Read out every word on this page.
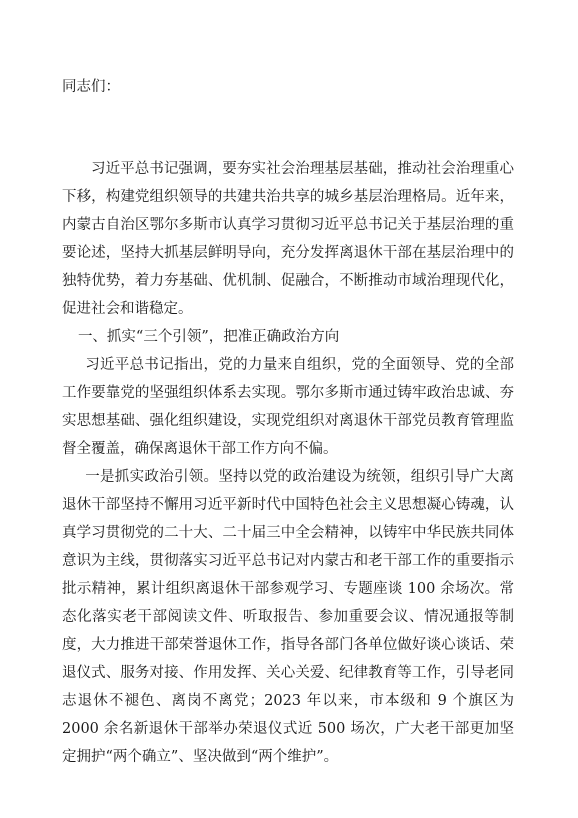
同志们：

习近平总书记强调，要夯实社会治理基层基础，推动社会治理重心下移，构建党组织领导的共建共治共享的城乡基层治理格局。近年来，内蒙古自治区鄂尔多斯市认真学习贯彻习近平总书记关于基层治理的重要论述，坚持大抓基层鲜明导向，充分发挥离退休干部在基层治理中的独特优势，着力夯基础、优机制、促融合，不断推动市域治理现代化，促进社会和谐稳定。

一、抓实“三个引领”，把准正确政治方向

习近平总书记指出，党的力量来自组织，党的全面领导、党的全部工作要靠党的坚强组织体系去实现。鄂尔多斯市通过铸牢政治忠诚、夯实思想基础、强化组织建设，实现党组织对离退休干部党员教育管理监督全覆盖，确保离退休干部工作方向不偏。

一是抓实政治引领。坚持以党的政治建设为统领，组织引导广大离退休干部坚持不懈用习近平新时代中国特色社会主义思想凝心铸魂，认真学习贯彻党的二十大、二十届三中全会精神，以铸牢中华民族共同体意识为主线，贯彻落实习近平总书记对内蒙古和老干部工作的重要指示批示精神，累计组织离退休干部参观学习、专题座谈 100 余场次。常态化落实老干部阅读文件、听取报告、参加重要会议、情况通报等制度，大力推进干部荣誉退休工作，指导各部门各单位做好谈心谈话、荣退仪式、服务对接、作用发挥、关心关爱、纪律教育等工作，引导老同志退休不褪色、离岗不离党；2023 年以来，市本级和 9 个旗区为 2000 余名新退休干部举办荣退仪式近 500 场次，广大老干部更加坚定拥护“两个确立”、坚决做到“两个维护”。
